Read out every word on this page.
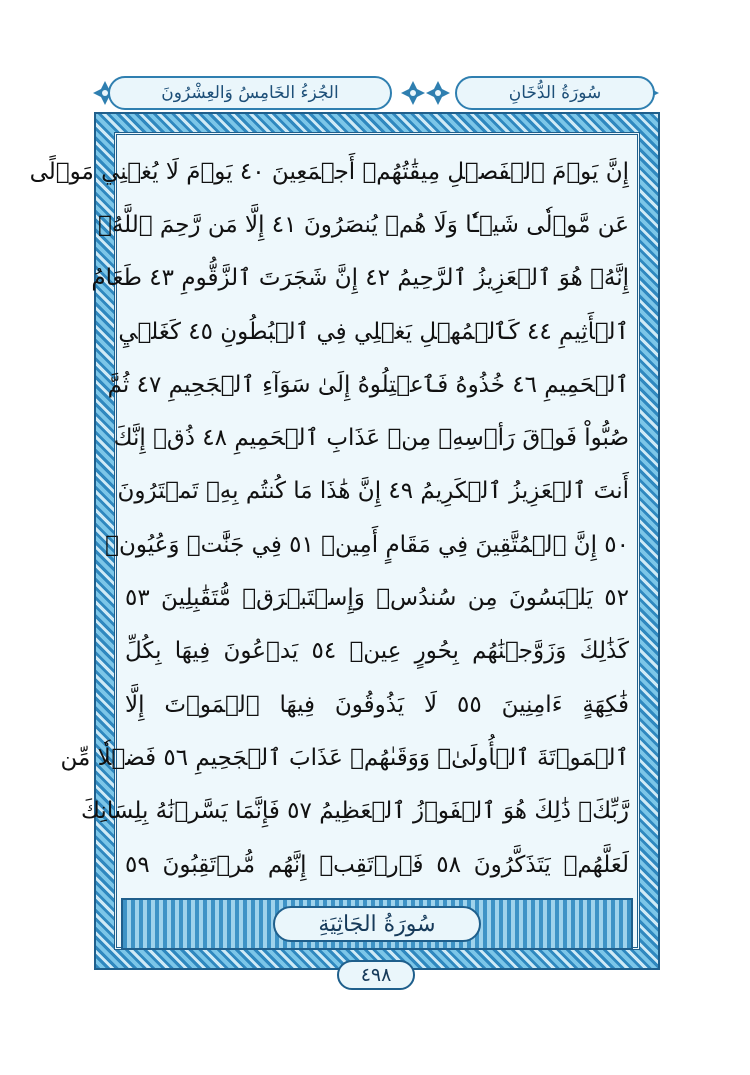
الجُزءُ الخَامِسُ وَالعِشْرُونَ	سُورَةُ الدُّخَانِ
إِنَّ يَوۡمَ ٱلۡفَصۡلِ مِيقَٰتُهُمۡ أَجۡمَعِينَ ٤٠ يَوۡمَ لَا يُغۡنِي مَوۡلًى
عَن مَّوۡلٗى شَيۡـٔٗا وَلَا هُمۡ يُنصَرُونَ ٤١ إِلَّا مَن رَّحِمَ ٱللَّهُۚ
إِنَّهُۥ هُوَ ٱلۡعَزِيزُ ٱلرَّحِيمُ ٤٢ إِنَّ شَجَرَتَ ٱلزَّقُّومِ ٤٣ طَعَامُ
ٱلۡأَثِيمِ ٤٤ كَٱلۡمُهۡلِ يَغۡلِي فِي ٱلۡبُطُونِ ٤٥ كَغَلۡيِ
ٱلۡحَمِيمِ ٤٦ خُذُوهُ فَٱعۡتِلُوهُ إِلَىٰ سَوَآءِ ٱلۡجَحِيمِ ٤٧ ثُمَّ
صُبُّواْ فَوۡقَ رَأۡسِهِۦ مِنۡ عَذَابِ ٱلۡحَمِيمِ ٤٨ ذُقۡ إِنَّكَ
أَنتَ ٱلۡعَزِيزُ ٱلۡكَرِيمُ ٤٩ إِنَّ هَٰذَا مَا كُنتُم بِهِۦ تَمۡتَرُونَ
٥٠ إِنَّ ٱلۡمُتَّقِينَ فِي مَقَامٍ أَمِينٖ ٥١ فِي جَنَّٰتٖ وَعُيُونٖ
٥٢ يَلۡبَسُونَ مِن سُندُسٖ وَإِسۡتَبۡرَقٖ مُّتَقَٰبِلِينَ ٥٣
كَذَٰلِكَ وَزَوَّجۡنَٰهُم بِحُورٍ عِينٖ ٥٤ يَدۡعُونَ فِيهَا بِكُلِّ
فَٰكِهَةٍ ءَامِنِينَ ٥٥ لَا يَذُوقُونَ فِيهَا ٱلۡمَوۡتَ إِلَّا
ٱلۡمَوۡتَةَ ٱلۡأُولَىٰۖ وَوَقَىٰهُمۡ عَذَابَ ٱلۡجَحِيمِ ٥٦ فَضۡلٗا مِّن
رَّبِّكَۚ ذَٰلِكَ هُوَ ٱلۡفَوۡزُ ٱلۡعَظِيمُ ٥٧ فَإِنَّمَا يَسَّرۡنَٰهُ بِلِسَانِكَ
لَعَلَّهُمۡ يَتَذَكَّرُونَ ٥٨ فَٱرۡتَقِبۡ إِنَّهُم مُّرۡتَقِبُونَ ٥٩
سُورَةُ الجَاثِيَةِ
٤٩٨
